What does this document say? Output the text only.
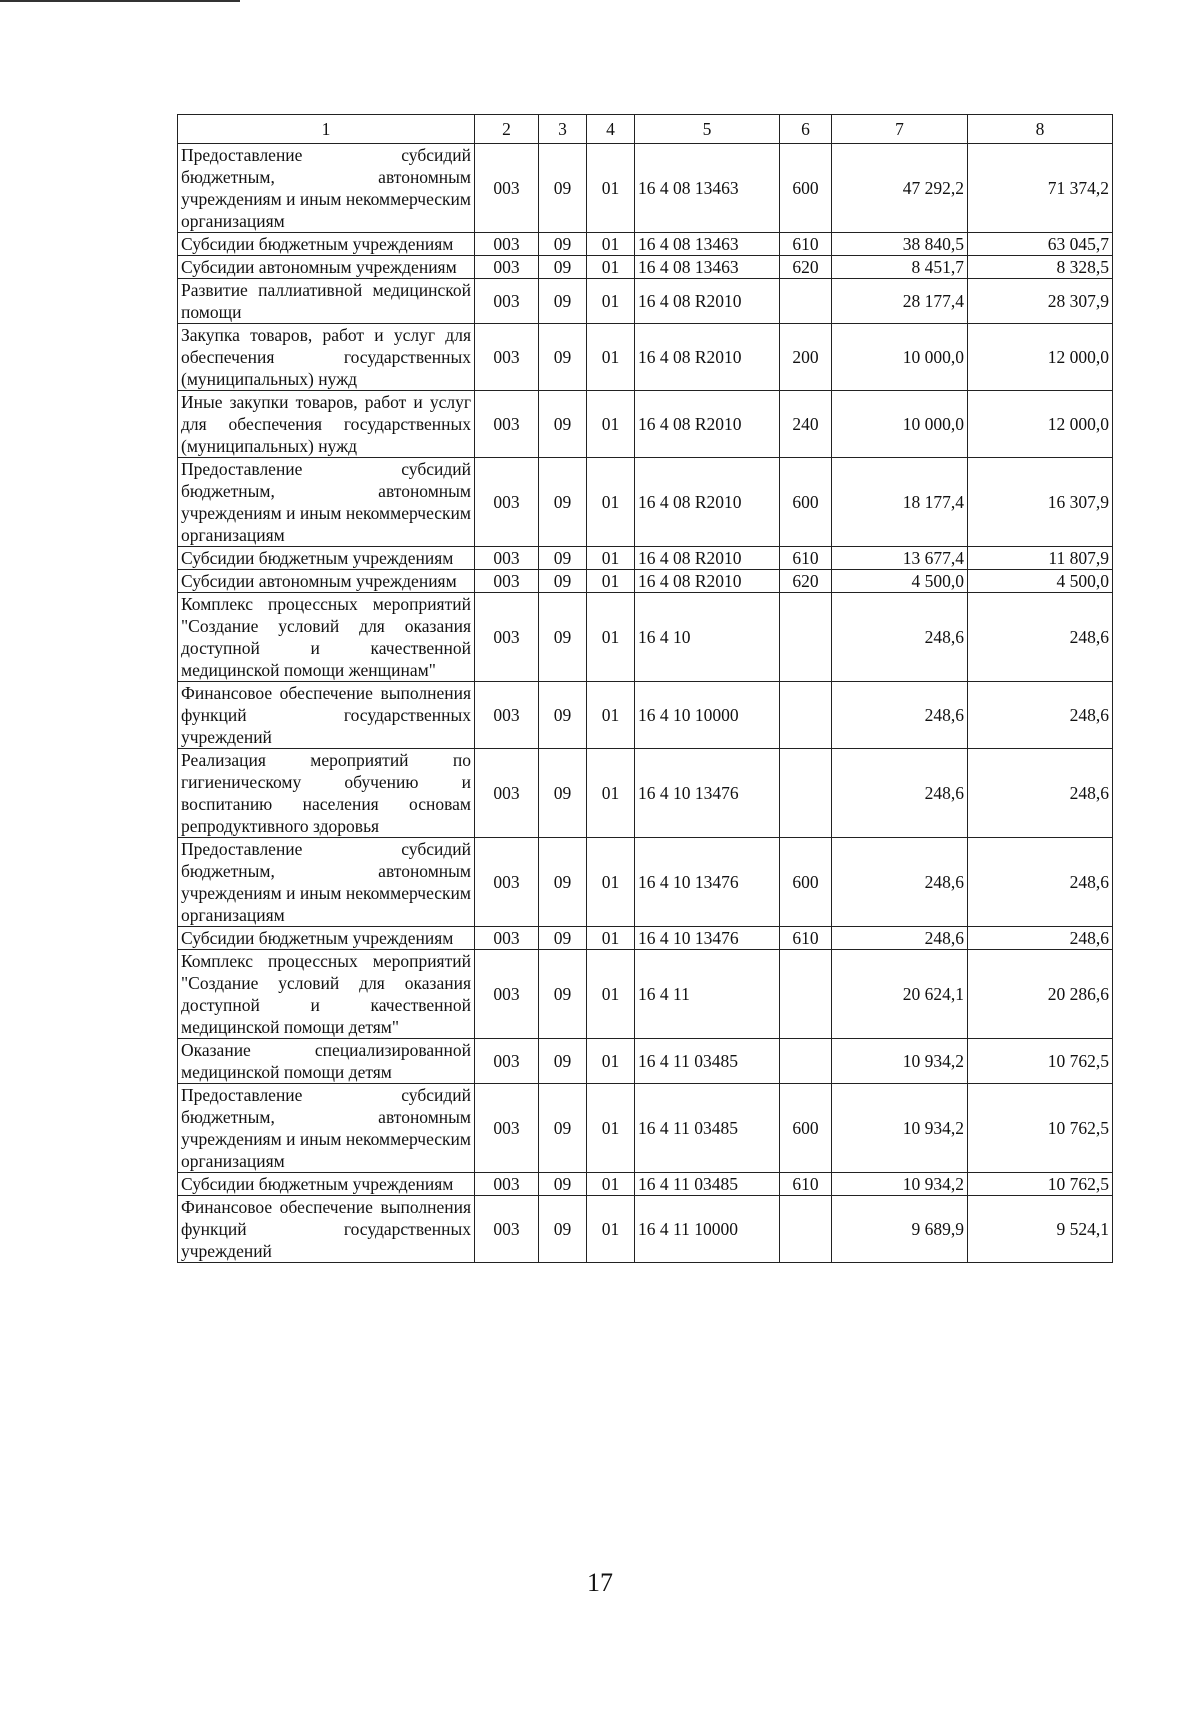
1	2	3	4	5	6	7	8
Предоставление субсидий бюджетным, автономным учреждениям и иным некоммерческим организациям	003	09	01	16 4 08 13463	600	47 292,2	71 374,2
Субсидии бюджетным учреждениям	003	09	01	16 4 08 13463	610	38 840,5	63 045,7
Субсидии автономным учреждениям	003	09	01	16 4 08 13463	620	8 451,7	8 328,5
Развитие паллиативной медицинской помощи	003	09	01	16 4 08 R2010		28 177,4	28 307,9
Закупка товаров, работ и услуг для обеспечения государственных (муниципальных) нужд	003	09	01	16 4 08 R2010	200	10 000,0	12 000,0
Иные закупки товаров, работ и услуг для обеспечения государственных (муниципальных) нужд	003	09	01	16 4 08 R2010	240	10 000,0	12 000,0
Предоставление субсидий бюджетным, автономным учреждениям и иным некоммерческим организациям	003	09	01	16 4 08 R2010	600	18 177,4	16 307,9
Субсидии бюджетным учреждениям	003	09	01	16 4 08 R2010	610	13 677,4	11 807,9
Субсидии автономным учреждениям	003	09	01	16 4 08 R2010	620	4 500,0	4 500,0
Комплекс процессных мероприятий "Создание условий для оказания доступной и качественной медицинской помощи женщинам"	003	09	01	16 4 10		248,6	248,6
Финансовое обеспечение выполнения функций государственных учреждений	003	09	01	16 4 10 10000		248,6	248,6
Реализация мероприятий по гигиеническому обучению и воспитанию населения основам репродуктивного здоровья	003	09	01	16 4 10 13476		248,6	248,6
Предоставление субсидий бюджетным, автономным учреждениям и иным некоммерческим организациям	003	09	01	16 4 10 13476	600	248,6	248,6
Субсидии бюджетным учреждениям	003	09	01	16 4 10 13476	610	248,6	248,6
Комплекс процессных мероприятий "Создание условий для оказания доступной и качественной медицинской помощи детям"	003	09	01	16 4 11		20 624,1	20 286,6
Оказание специализированной медицинской помощи детям	003	09	01	16 4 11 03485		10 934,2	10 762,5
Предоставление субсидий бюджетным, автономным учреждениям и иным некоммерческим организациям	003	09	01	16 4 11 03485	600	10 934,2	10 762,5
Субсидии бюджетным учреждениям	003	09	01	16 4 11 03485	610	10 934,2	10 762,5
Финансовое обеспечение выполнения функций государственных учреждений	003	09	01	16 4 11 10000		9 689,9	9 524,1
17
